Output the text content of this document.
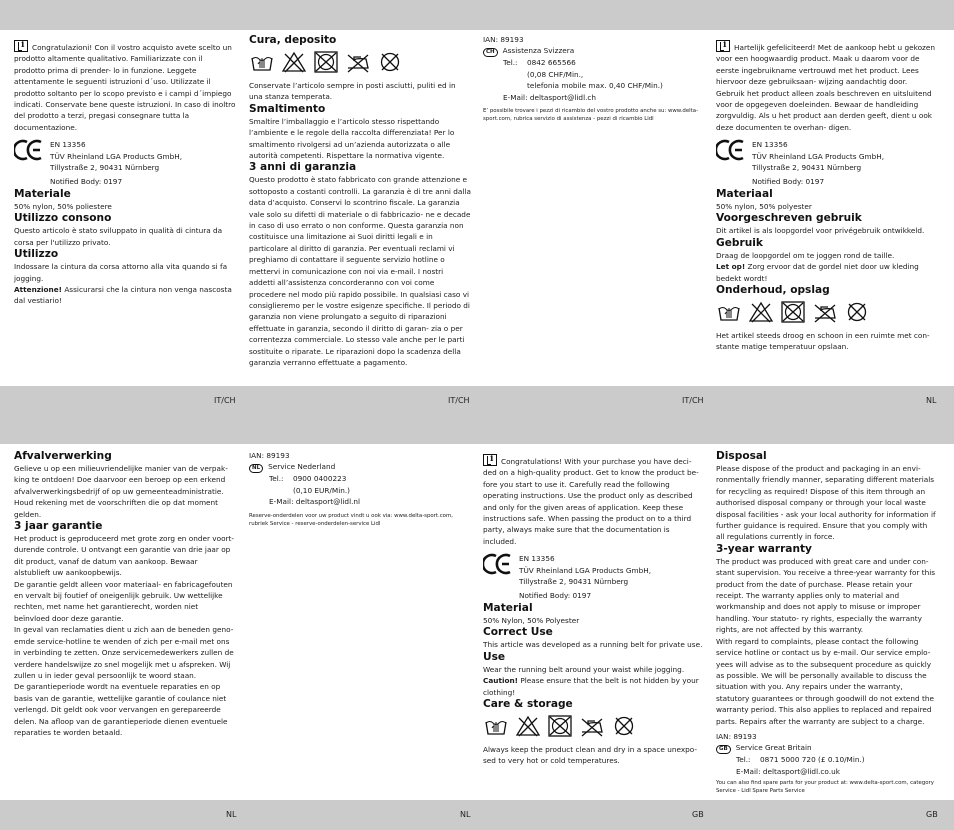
IT/CH	IT/CH	IT/CH	NL
NL	NL	GB	GB

iCongratulazioni! Con il vostro acquisto avete scelto un prodotto altamente qualitativo. Familiarizzate con il prodotto prima di prender- lo in funzione. Leggete attentamente le seguenti istruzioni d´uso. Utilizzate il prodotto soltanto per lo scopo previsto e i campi d´impiego indicati. Conservate bene queste istruzioni. In caso di inoltro del prodotto a terzi, pregasi consegnare tutta la documentazione.

EN 13356

TÜV Rheinland LGA Products GmbH,

Tillystraße 2, 90431 Nürnberg

Notified Body: 0197

Materiale

50% nylon, 50% poliestere

Utilizzo consono

Questo articolo è stato sviluppato in qualità di cintura da corsa per l'utilizzo privato.

Utilizzo

Indossare la cintura da corsa attorno alla vita quando si fa jogging.

Attenzione! Assicurarsi che la cintura non venga nascosta dal vestiario!

Cura, deposito

Conservate l’articolo sempre in posti asciutti, puliti ed in una stanza temperata.

Smaltimento

Smaltire l’imballaggio e l’articolo stesso rispettando l’ambiente e le regole della raccolta differenziata! Per lo smaltimento rivolgersi ad un’azienda autorizzata o alle autorità competenti. Rispettare la normativa vigente.

3 anni di garanzia

Questo prodotto è stato fabbricato con grande attenzione e sottoposto a costanti controlli. La garanzia è di tre anni dalla data d’acquisto. Conservi lo scontrino fiscale. La garanzia vale solo su difetti di materiale o di fabbricazio- ne e decade in caso di uso errato o non conforme. Questa garanzia non costituisce una limitazione ai Suoi diritti legali e in particolare al diritto di garanzia. Per eventuali reclami vi preghiamo di contattare il seguente servizio hotline o mettervi in comunicazione con noi via e-mail. I nostri addetti all’assistenza concorderanno con voi come procedere nel modo più rapido possibile. In qualsiasi caso vi consiglieremo per le vostre esigenze specifiche. Il periodo di garanzia non viene prolungato a seguito di riparazioni effettuate in garanzia, secondo il diritto di garan- zia o per correntezza commerciale. Lo stesso vale anche per le parti sostituite o riparate. Le riparazioni dopo la scadenza della garanzia verranno effettuate a pagamento.

IAN: 89193

CH Assistenza Svizzera

Tel.:	0842 665566

(0,08 CHF/Min.,

telefonia mobile max. 0,40 CHF/Min.)

E-Mail: deltasport@lidl.ch

E’ possibile trovare i pezzi di ricambio del vostro prodotto anche su: www.delta-sport.com, rubrica servizio di assistenza - pezzi di ricambio Lidl

iHartelijk gefeliciteerd! Met de aankoop hebt u gekozen voor een hoogwaardig product. Maak u daarom voor de eerste ingebruikname vertrouwd met het product. Lees hiervoor deze gebruiksaan- wijzing aandachtig door. Gebruik het product alleen zoals beschreven en uitsluitend voor de opgegeven doeleinden. Bewaar de handleiding zorgvuldig. Als u het product aan derden geeft, dient u ook deze documenten te overhan- digen.

EN 13356

TÜV Rheinland LGA Products GmbH,

Tillystraße 2, 90431 Nürnberg

Notified Body: 0197

Materiaal

50% nylon, 50% polyester

Voorgeschreven gebruik

Dit artikel is als loopgordel voor privégebruik ontwikkeld.

Gebruik

Draag de loopgordel om te joggen rond de taille.

Let op! Zorg ervoor dat de gordel niet door uw kleding bedekt wordt!

Onderhoud, opslag

Het artikel steeds droog en schoon in een ruimte met con- stante matige temperatuur opslaan.

Afvalverwerking

Gelieve u op een milieuvriendelijke manier van de verpak- king te ontdoen! Doe daarvoor een beroep op een erkend afvalverwerkingsbedrijf of op uw gemeenteadministratie. Houd rekening met de voorschriften die op dat moment gelden.

3 jaar garantie

Het product is geproduceerd met grote zorg en onder voort- durende controle. U ontvangt een garantie van drie jaar op dit product, vanaf de datum van aankoop. Bewaar alstublieft uw aankoopbewijs.

De garantie geldt alleen voor materiaal- en fabricagefouten en vervalt bij foutief of oneigenlijk gebruik. Uw wettelijke rechten, met name het garantierecht, worden niet beïnvloed door deze garantie.

In geval van reclamaties dient u zich aan de beneden geno- emde service-hotline te wenden of zich per e-mail met ons in verbinding te zetten. Onze servicemedewerkers zullen de verdere handelswijze zo snel mogelijk met u afspreken. Wij zullen u in ieder geval persoonlijk te woord staan.

De garantieperiode wordt na eventuele reparaties en op basis van de garantie, wettelijke garantie of coulance niet verlengd. Dit geldt ook voor vervangen en gerepareerde delen. Na afloop van de garantieperiode dienen eventuele reparaties te worden betaald.

IAN: 89193

NL Service Nederland

Tel.:	0900 0400223

(0,10 EUR/Min.)

E-Mail: deltasport@lidl.nl

Reserve-onderdelen voor uw product vindt u ook via: www.delta-sport.com, rubriek Service - reserve-onderdelen-service Lidl

iCongratulations! With your purchase you have deci- ded on a high-quality product. Get to know the product be- fore you start to use it. Carefully read the following operating instructions. Use the product only as described and only for the given areas of application. Keep these instructions safe. When passing the product on to a third party, always make sure that the documentation is included.

EN 13356

TÜV Rheinland LGA Products GmbH,

Tillystraße 2, 90431 Nürnberg

Notified Body: 0197

Material

50% Nylon, 50% Polyester

Correct Use

This article was developed as a running belt for private use.

Use

Wear the running belt around your waist while jogging.

Caution! Please ensure that the belt is not hidden by your clothing!

Care & storage

Always keep the product clean and dry in a space unexpo- sed to very hot or cold temperatures.

Disposal

Please dispose of the product and packaging in an envi- ronmentally friendly manner, separating different materials for recycling as required! Dispose of this item through an authorised disposal company or through your local waste disposal facilities - ask your local authority for information if further guidance is required. Ensure that you comply with all regulations currently in force.

3-year warranty

The product was produced with great care and under con- stant supervision. You receive a three-year warranty for this product from the date of purchase. Please retain your receipt. The warranty applies only to material and workmanship and does not apply to misuse or improper handling. Your statuto- ry rights, especially the warranty rights, are not affected by this warranty.

With regard to complaints, please contact the following service hotline or contact us by e-mail. Our service emplo- yees will advise as to the subsequent procedure as quickly as possible. We will be personally available to discuss the situation with you. Any repairs under the warranty, statutory guarantees or through goodwill do not extend the warranty period. This also applies to replaced and repaired parts. Repairs after the warranty are subject to a charge.

IAN: 89193

GB Service Great Britain

Tel.:	0871 5000 720 (£ 0.10/Min.)

E-Mail: deltasport@lidl.co.uk

You can also find spare parts for your product at: www.delta-sport.com, category Service - Lidl Spare Parts Service
